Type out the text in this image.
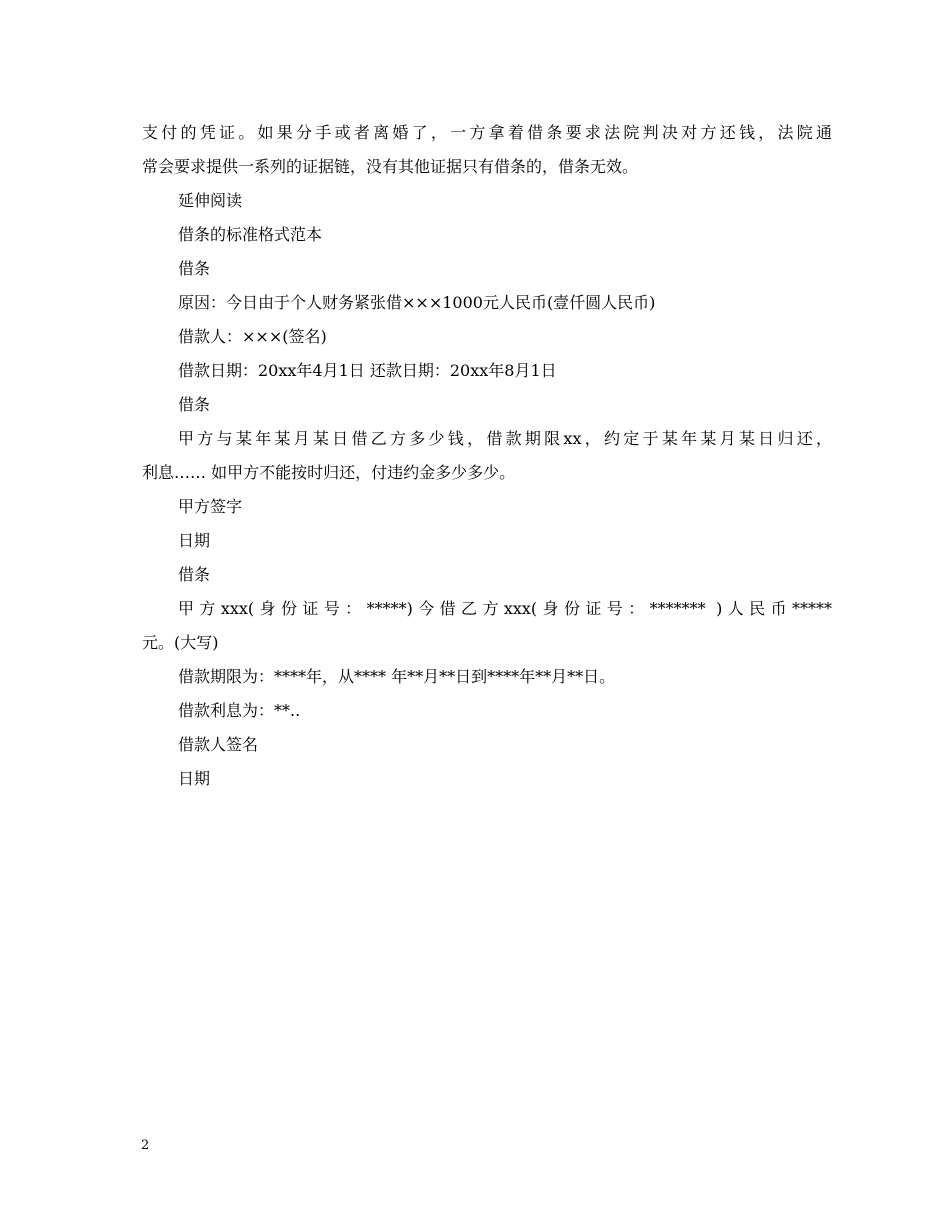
支付的凭证。如果分手或者离婚了，一方拿着借条要求法院判决对方还钱，法院通
常会要求提供一系列的证据链，没有其他证据只有借条的，借条无效。
延伸阅读
借条的标准格式范本
借条
原因：今日由于个人财务紧张借×××1000元人民币(壹仟圆人民币)
借款人：×××(签名)
借款日期：20xx年4月1日 还款日期：20xx年8月1日
借条
甲方与某年某月某日借乙方多少钱，借款期限xx，约定于某年某月某日归还，
利息…… 如甲方不能按时归还，付违约金多少多少。
甲方签字
日期
借条
甲方xxx(身份证号：*****)今借乙方xxx(身份证号：******* )人民币*****
元。(大写)
借款期限为：****年，从**** 年**月**日到****年**月**日。
借款利息为：**..
借款人签名
日期
2
